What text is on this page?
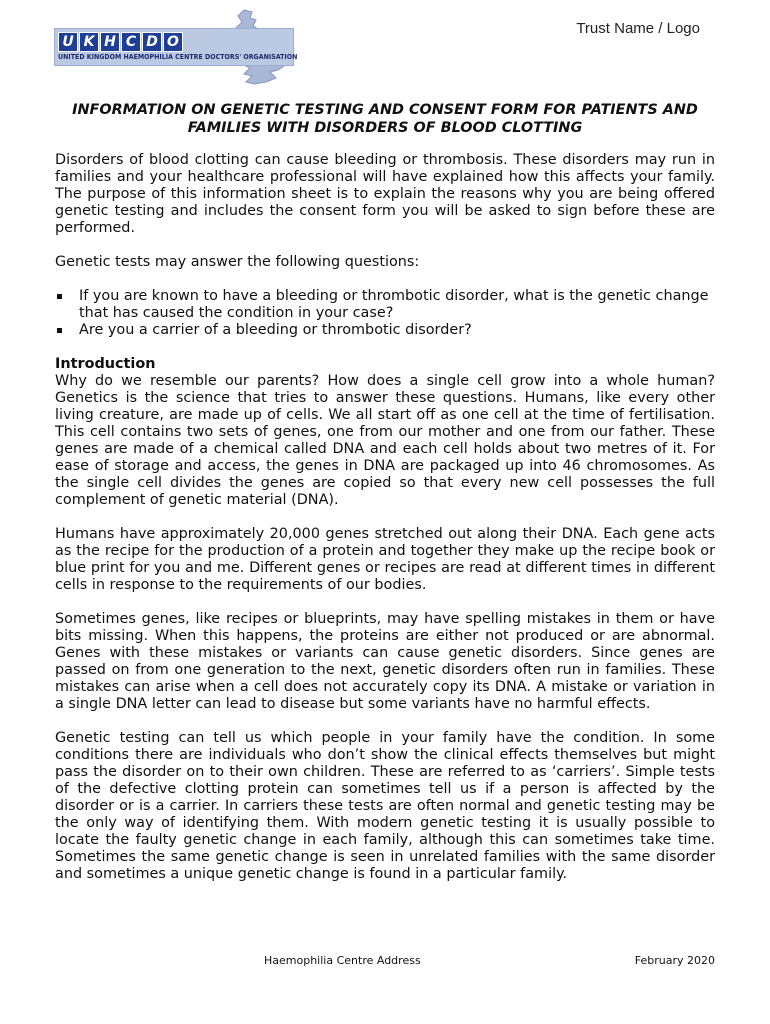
U K H C D O
UNITED KINGDOM HAEMOPHILIA CENTRE DOCTORS' ORGANISATION
Trust Name / Logo
INFORMATION ON GENETIC TESTING AND CONSENT FORM FOR PATIENTS AND FAMILIES WITH DISORDERS OF BLOOD CLOTTING

Disorders of blood clotting can cause bleeding or thrombosis. These disorders may run in families and your healthcare professional will have explained how this affects your family. The purpose of this information sheet is to explain the reasons why you are being offered genetic testing and includes the consent form you will be asked to sign before these are performed.

Genetic tests may answer the following questions:

If you are known to have a bleeding or thrombotic disorder, what is the genetic change that has caused the condition in your case?
Are you a carrier of a bleeding or thrombotic disorder?

Introduction

Why do we resemble our parents? How does a single cell grow into a whole human? Genetics is the science that tries to answer these questions. Humans, like every other living creature, are made up of cells. We all start off as one cell at the time of fertilisation. This cell contains two sets of genes, one from our mother and one from our father. These genes are made of a chemical called DNA and each cell holds about two metres of it. For ease of storage and access, the genes in DNA are packaged up into 46 chromosomes. As the single cell divides the genes are copied so that every new cell possesses the full complement of genetic material (DNA).

Humans have approximately 20,000 genes stretched out along their DNA. Each gene acts as the recipe for the production of a protein and together they make up the recipe book or blue print for you and me. Different genes or recipes are read at different times in different cells in response to the requirements of our bodies.

Sometimes genes, like recipes or blueprints, may have spelling mistakes in them or have bits missing. When this happens, the proteins are either not produced or are abnormal. Genes with these mistakes or variants can cause genetic disorders. Since genes are passed on from one generation to the next, genetic disorders often run in families. These mistakes can arise when a cell does not accurately copy its DNA. A mistake or variation in a single DNA letter can lead to disease but some variants have no harmful effects.

Genetic testing can tell us which people in your family have the condition. In some conditions there are individuals who don’t show the clinical effects themselves but might pass the disorder on to their own children. These are referred to as ‘carriers’. Simple tests of the defective clotting protein can sometimes tell us if a person is affected by the disorder or is a carrier. In carriers these tests are often normal and genetic testing may be the only way of identifying them. With modern genetic testing it is usually possible to locate the faulty genetic change in each family, although this can sometimes take time. Sometimes the same genetic change is seen in unrelated families with the same disorder and sometimes a unique genetic change is found in a particular family.

Haemophilia Centre Address	February 2020
